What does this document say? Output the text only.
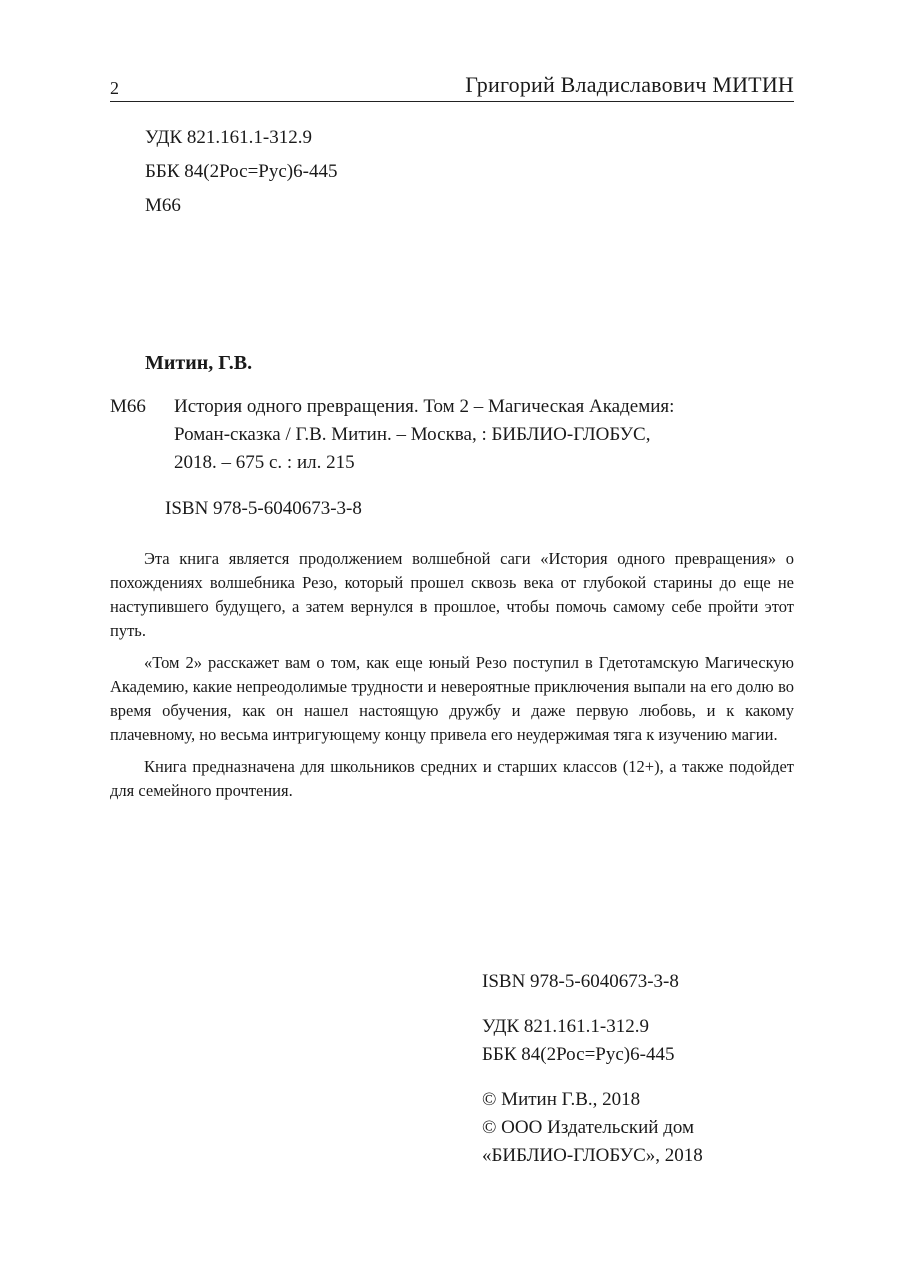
2	Григорий Владиславович МИТИН
УДК 821.161.1-312.9
ББК 84(2Рос=Рус)6-445
М66
Митин, Г.В.
М66 История одного превращения. Том 2 – Магическая Академия:
Роман-сказка / Г.В. Митин. – Москва, : БИБЛИО-ГЛОБУС,
2018. – 675 с. : ил. 215
ISBN 978-5-6040673-3-8

Эта книга является продолжением волшебной саги «История одного превращения» о похождениях волшебника Резо, который прошел сквозь века от глубокой старины до еще не наступившего будущего, а затем вернулся в прошлое, чтобы помочь самому себе пройти этот путь.

«Том 2» расскажет вам о том, как еще юный Резо поступил в Гдетотамскую Магическую Академию, какие непреодолимые трудности и невероятные приключения выпали на его долю во время обучения, как он нашел настоящую дружбу и даже первую любовь, и к какому плачевному, но весьма интригующему концу привела его неудержимая тяга к изучению магии.

Книга предназначена для школьников средних и старших классов (12+), а также подойдет для семейного прочтения.

ISBN 978-5-6040673-3-8
УДК 821.161.1-312.9
ББК 84(2Рос=Рус)6-445
© Митин Г.В., 2018
© ООО Издательский дом
«БИБЛИО-ГЛОБУС», 2018
